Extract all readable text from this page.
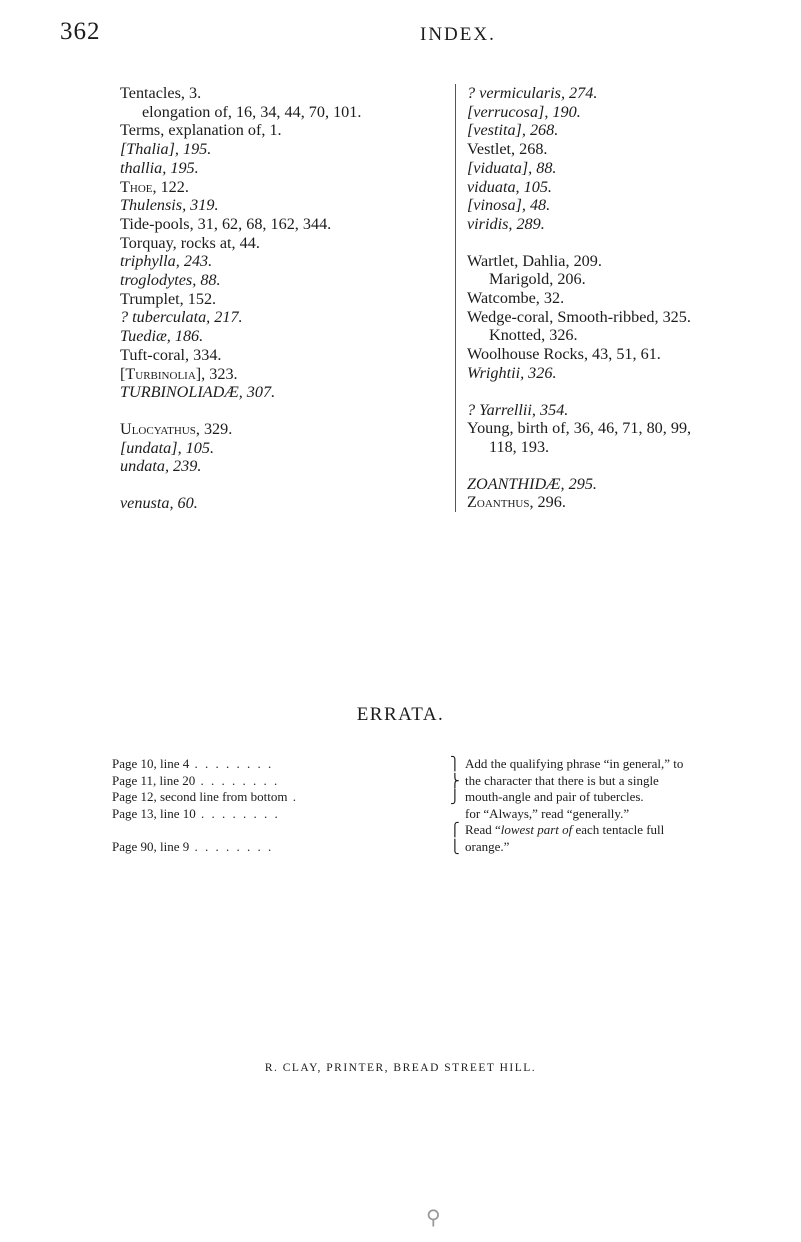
362	INDEX.
Tentacles, 3.
elongation of, 16, 34, 44, 70, 101.
Terms, explanation of, 1.
[Thalia], 195.
thallia, 195.
Thoe, 122.
Thulensis, 319.
Tide-pools, 31, 62, 68, 162, 344.
Torquay, rocks at, 44.
triphylla, 243.
troglodytes, 88.
Trumplet, 152.
? tuberculata, 217.
Tuediæ, 186.
Tuft-coral, 334.
[Turbinolia], 323.
TURBINOLIADÆ, 307.
Ulocyathus, 329.
[undata], 105.
undata, 239.
venusta, 60.
? vermicularis, 274.
[verrucosa], 190.
[vestita], 268.
Vestlet, 268.
[viduata], 88.
viduata, 105.
[vinosa], 48.
viridis, 289.
Wartlet, Dahlia, 209.
Marigold, 206.
Watcombe, 32.
Wedge-coral, Smooth-ribbed, 325.
Knotted, 326.
Woolhouse Rocks, 43, 51, 61.
Wrightii, 326.
? Yarrellii, 354.
Young, birth of, 36, 46, 71, 80, 99,
118, 193.
ZOANTHIDÆ, 295.
Zoanthus, 296.
ERRATA.
Page 10, line 4 . . . . . . . .
Page 11, line 20 . . . . . . . .
Page 12, second line from bottom .
Page 13, line 10 . . . . . . . .

Page 90, line 9 . . . . . . . .
⎫
⎬
⎭

⎧
⎩
Add the qualifying phrase “in general,” to
the character that there is but a single
mouth-angle and pair of tubercles.
for “Always,” read “generally.”
Read “lowest part of each tentacle full
orange.”
R. CLAY, PRINTER, BREAD STREET HILL.
⚲
